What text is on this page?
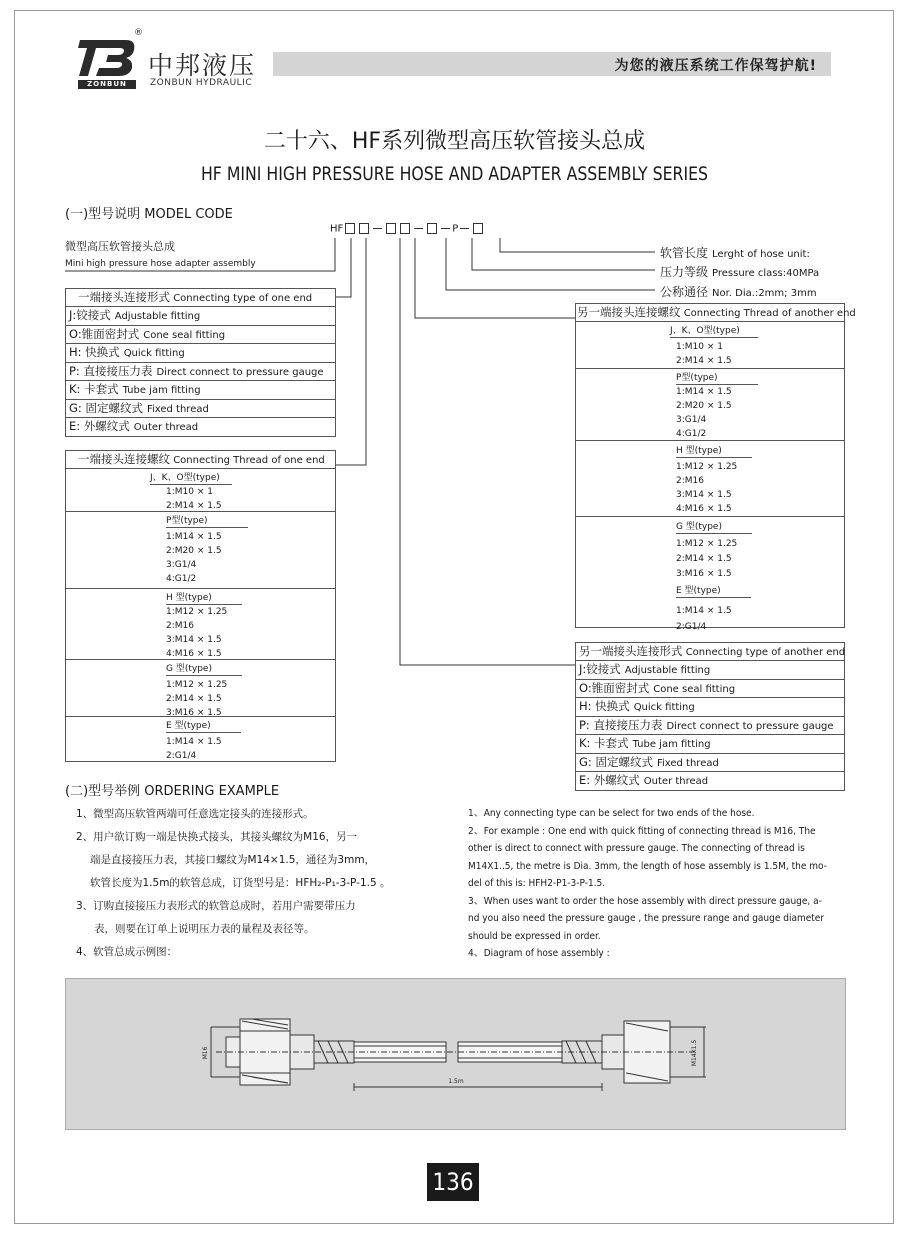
®
ZONBUN
中邦液压
ZONBUN HYDRAULIC
为您的液压系统工作保驾护航!
二十六、HF系列微型高压软管接头总成
HF MINI HIGH PRESSURE HOSE AND ADAPTER ASSEMBLY SERIES
(一)型号说明 MODEL CODE
HF	P
微型高压软管接头总成
Mini high pressure hose adapter assembly
一端接头连接形式 Connecting type of one end
J:铰接式 Adjustable fitting
O:锥面密封式 Cone seal fitting
H: 快换式 Quick fitting
P: 直接接压力表 Direct connect to pressure gauge
K: 卡套式 Tube jam fitting
G: 固定螺纹式 Fixed thread
E: 外螺纹式 Outer thread
一端接头连接螺纹 Connecting Thread of one end
J、K、O型(type)
1:M10 × 1
2:M14 × 1.5
P型(type)
1:M14 × 1.5
2:M20 × 1.5
3:G1/4
4:G1/2
H 型(type)
1:M12 × 1.25
2:M16
3:M14 × 1.5
4:M16 × 1.5
G 型(type)
1:M12 × 1.25
2:M14 × 1.5
3:M16 × 1.5
E 型(type)
1:M14 × 1.5
2:G1/4
软管长度 Lerght of hose unit:
压力等级 Pressure class:40MPa
公称通径 Nor. Dia.:2mm; 3mm
另一端接头连接螺纹 Connecting Thread of another end
J、K、O型(type)
1:M10 × 1
2:M14 × 1.5
P型(type)
1:M14 × 1.5
2:M20 × 1.5
3:G1/4
4:G1/2
H 型(type)
1:M12 × 1.25
2:M16
3:M14 × 1.5
4:M16 × 1.5
G 型(type)
1:M12 × 1.25
2:M14 × 1.5
3:M16 × 1.5
E 型(type)
1:M14 × 1.5
2:G1/4
另一端接头连接形式 Connecting type of another end
J:铰接式 Adjustable fitting
O:锥面密封式 Cone seal fitting
H: 快换式 Quick fitting
P: 直接接压力表 Direct connect to pressure gauge
K: 卡套式 Tube jam fitting
G: 固定螺纹式 Fixed thread
E: 外螺纹式 Outer thread
(二)型号举例 ORDERING EXAMPLE
1、微型高压软管两端可任意选定接头的连接形式。
2、用户欲订购一端是快换式接头，其接头螺纹为M16，另一
端是直接接压力表，其接口螺纹为M14×1.5，通径为3mm，
软管长度为1.5m的软管总成，订货型号是：HFH₂-P₁-3-P-1.5 。
3、订购直接接压力表形式的软管总成时，若用户需要带压力
表，则要在订单上说明压力表的量程及表径等。
4、软管总成示例图：
1、Any connecting type can be select for two ends of the hose.
2、For example : One end with quick fitting of connecting thread is M16, The
other is direct to connect with pressure gauge. The connecting of thread is
M14X1..5, the metre is Dia. 3mm, the length of hose assembly is 1.5M, the mo-
del of this is: HFH2-P1-3-P-1.5.
3、When uses want to order the hose assembly with direct pressure gauge, a-
nd you also need the pressure gauge , the pressure range and gauge diameter
should be expressed in order.
4、Diagram of hose assembly :
M16	M14X1.5
1.5m
136
